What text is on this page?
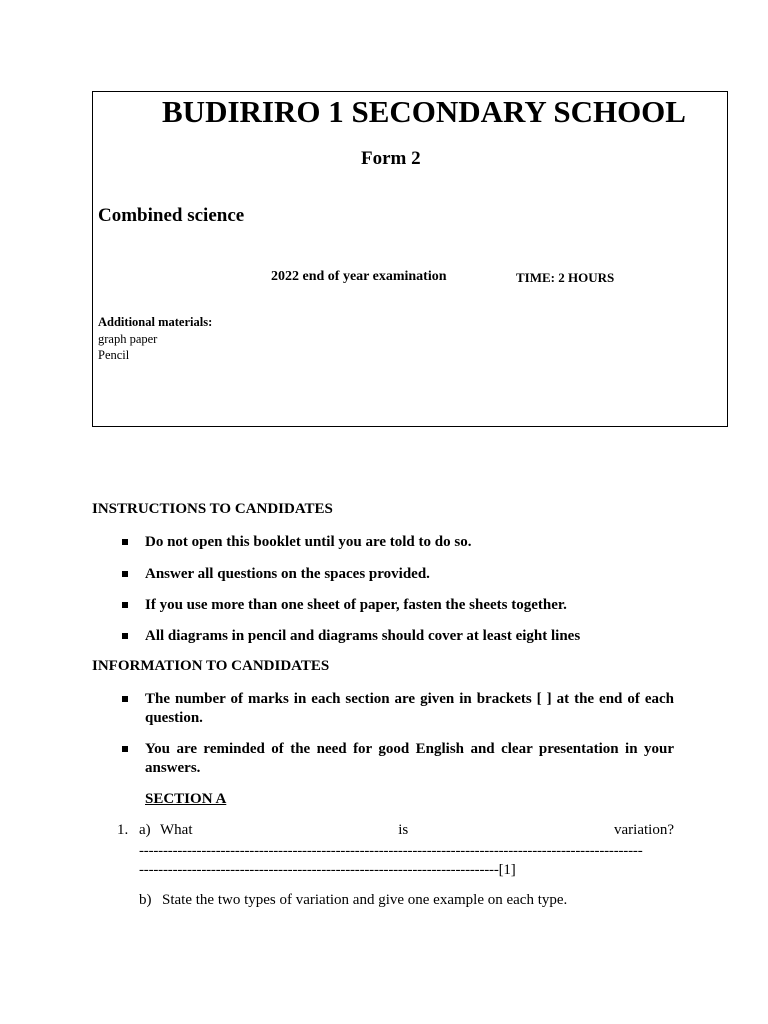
BUDIRIRO 1 SECONDARY SCHOOL
Form 2
Combined science
2022 end of year examination	TIME: 2 HOURS
Additional materials:
graph paper
Pencil
INSTRUCTIONS TO CANDIDATES
Do not open this booklet until you are told to do so.
Answer all questions on the spaces provided.
If you use more than one sheet of paper, fasten the sheets together.
All diagrams in pencil and diagrams should cover at least eight lines
INFORMATION TO CANDIDATES
The number of marks in each section are given in brackets [ ] at the end of each question.
You are reminded of the need for good English and clear presentation in your answers.
SECTION A
1. a) What is variation?
---------------------------------------------------------------------------------------------------------
---------------------------------------------------------------------------[1]
b) State the two types of variation and give one example on each type.
